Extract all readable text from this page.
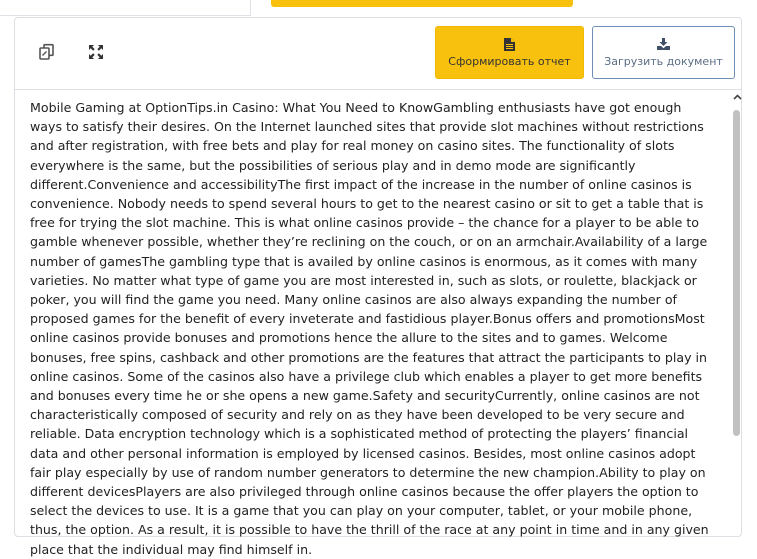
Сформировать отчет	Загрузить документ
Mobile Gaming at OptionTips.in Casino: What You Need to KnowGambling enthusiasts have got enough ways to satisfy their desires. On the Internet launched sites that provide slot machines without restrictions and after registration, with free bets and play for real money on casino sites. The functionality of slots everywhere is the same, but the possibilities of serious play and in demo mode are significantly different.Convenience and accessibilityThe first impact of the increase in the number of online casinos is convenience. Nobody needs to spend several hours to get to the nearest casino or sit to get a table that is free for trying the slot machine. This is what online casinos provide – the chance for a player to be able to gamble whenever possible, whether they’re reclining on the couch, or on an armchair.Availability of a large number of gamesThe gambling type that is availed by online casinos is enormous, as it comes with many varieties. No matter what type of game you are most interested in, such as slots, or roulette, blackjack or poker, you will find the game you need. Many online casinos are also always expanding the number of proposed games for the benefit of every inveterate and fastidious player.Bonus offers and promotionsMost online casinos provide bonuses and promotions hence the allure to the sites and to games. Welcome bonuses, free spins, cashback and other promotions are the features that attract the participants to play in online casinos. Some of the casinos also have a privilege club which enables a player to get more benefits and bonuses every time he or she opens a new game.Safety and securityCurrently, online casinos are not characteristically composed of security and rely on as they have been developed to be very secure and reliable. Data encryption technology which is a sophisticated method of protecting the players’ financial data and other personal information is employed by licensed casinos. Besides, most online casinos adopt fair play especially by use of random number generators to determine the new champion.Ability to play on different devicesPlayers are also privileged through online casinos because the offer players the option to select the devices to use. It is a game that you can play on your computer, tablet, or your mobile phone, thus, the option. As a result, it is possible to have the thrill of the race at any point in time and in any given place that the individual may find himself in.
